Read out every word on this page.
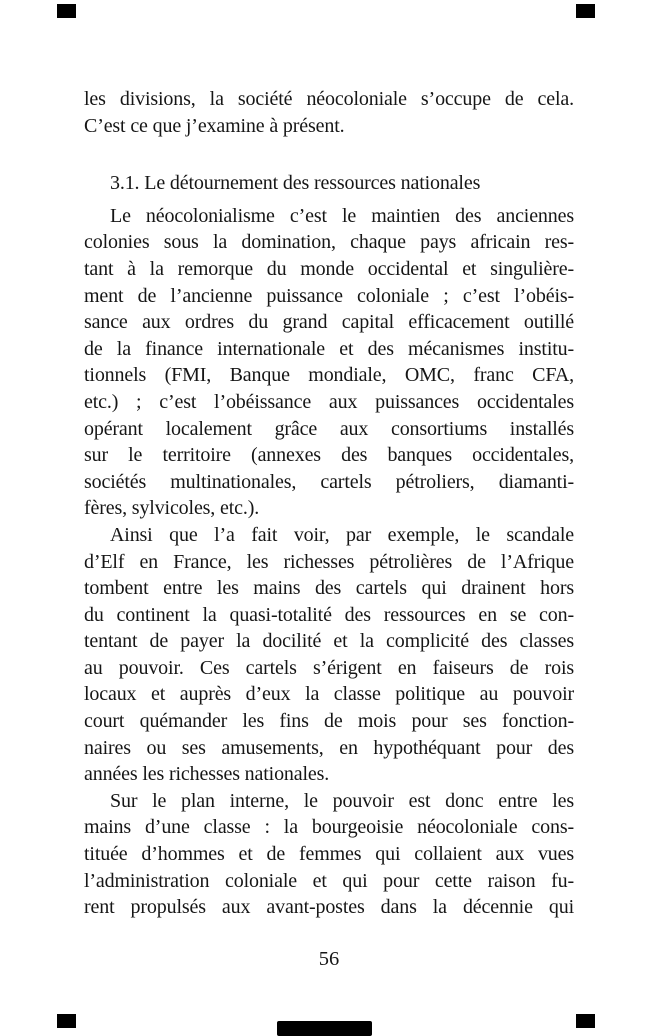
les divisions, la société néocoloniale s’occupe de cela.
C’est ce que j’examine à présent.
3.1. Le détournement des ressources nationales
Le néocolonialisme c’est le maintien des anciennes
colonies sous la domination, chaque pays africain res-
tant à la remorque du monde occidental et singulière-
ment de l’ancienne puissance coloniale ; c’est l’obéis-
sance aux ordres du grand capital efficacement outillé
de la finance internationale et des mécanismes institu-
tionnels (FMI, Banque mondiale, OMC, franc CFA,
etc.) ; c’est l’obéissance aux puissances occidentales
opérant localement grâce aux consortiums installés
sur le territoire (annexes des banques occidentales,
sociétés multinationales, cartels pétroliers, diamanti-
fères, sylvicoles, etc.).
Ainsi que l’a fait voir, par exemple, le scandale
d’Elf en France, les richesses pétrolières de l’Afrique
tombent entre les mains des cartels qui drainent hors
du continent la quasi-totalité des ressources en se con-
tentant de payer la docilité et la complicité des classes
au pouvoir. Ces cartels s’érigent en faiseurs de rois
locaux et auprès d’eux la classe politique au pouvoir
court quémander les fins de mois pour ses fonction-
naires ou ses amusements, en hypothéquant pour des
années les richesses nationales.
Sur le plan interne, le pouvoir est donc entre les
mains d’une classe : la bourgeoisie néocoloniale cons-
tituée d’hommes et de femmes qui collaient aux vues
l’administration coloniale et qui pour cette raison fu-
rent propulsés aux avant-postes dans la décennie qui
56
